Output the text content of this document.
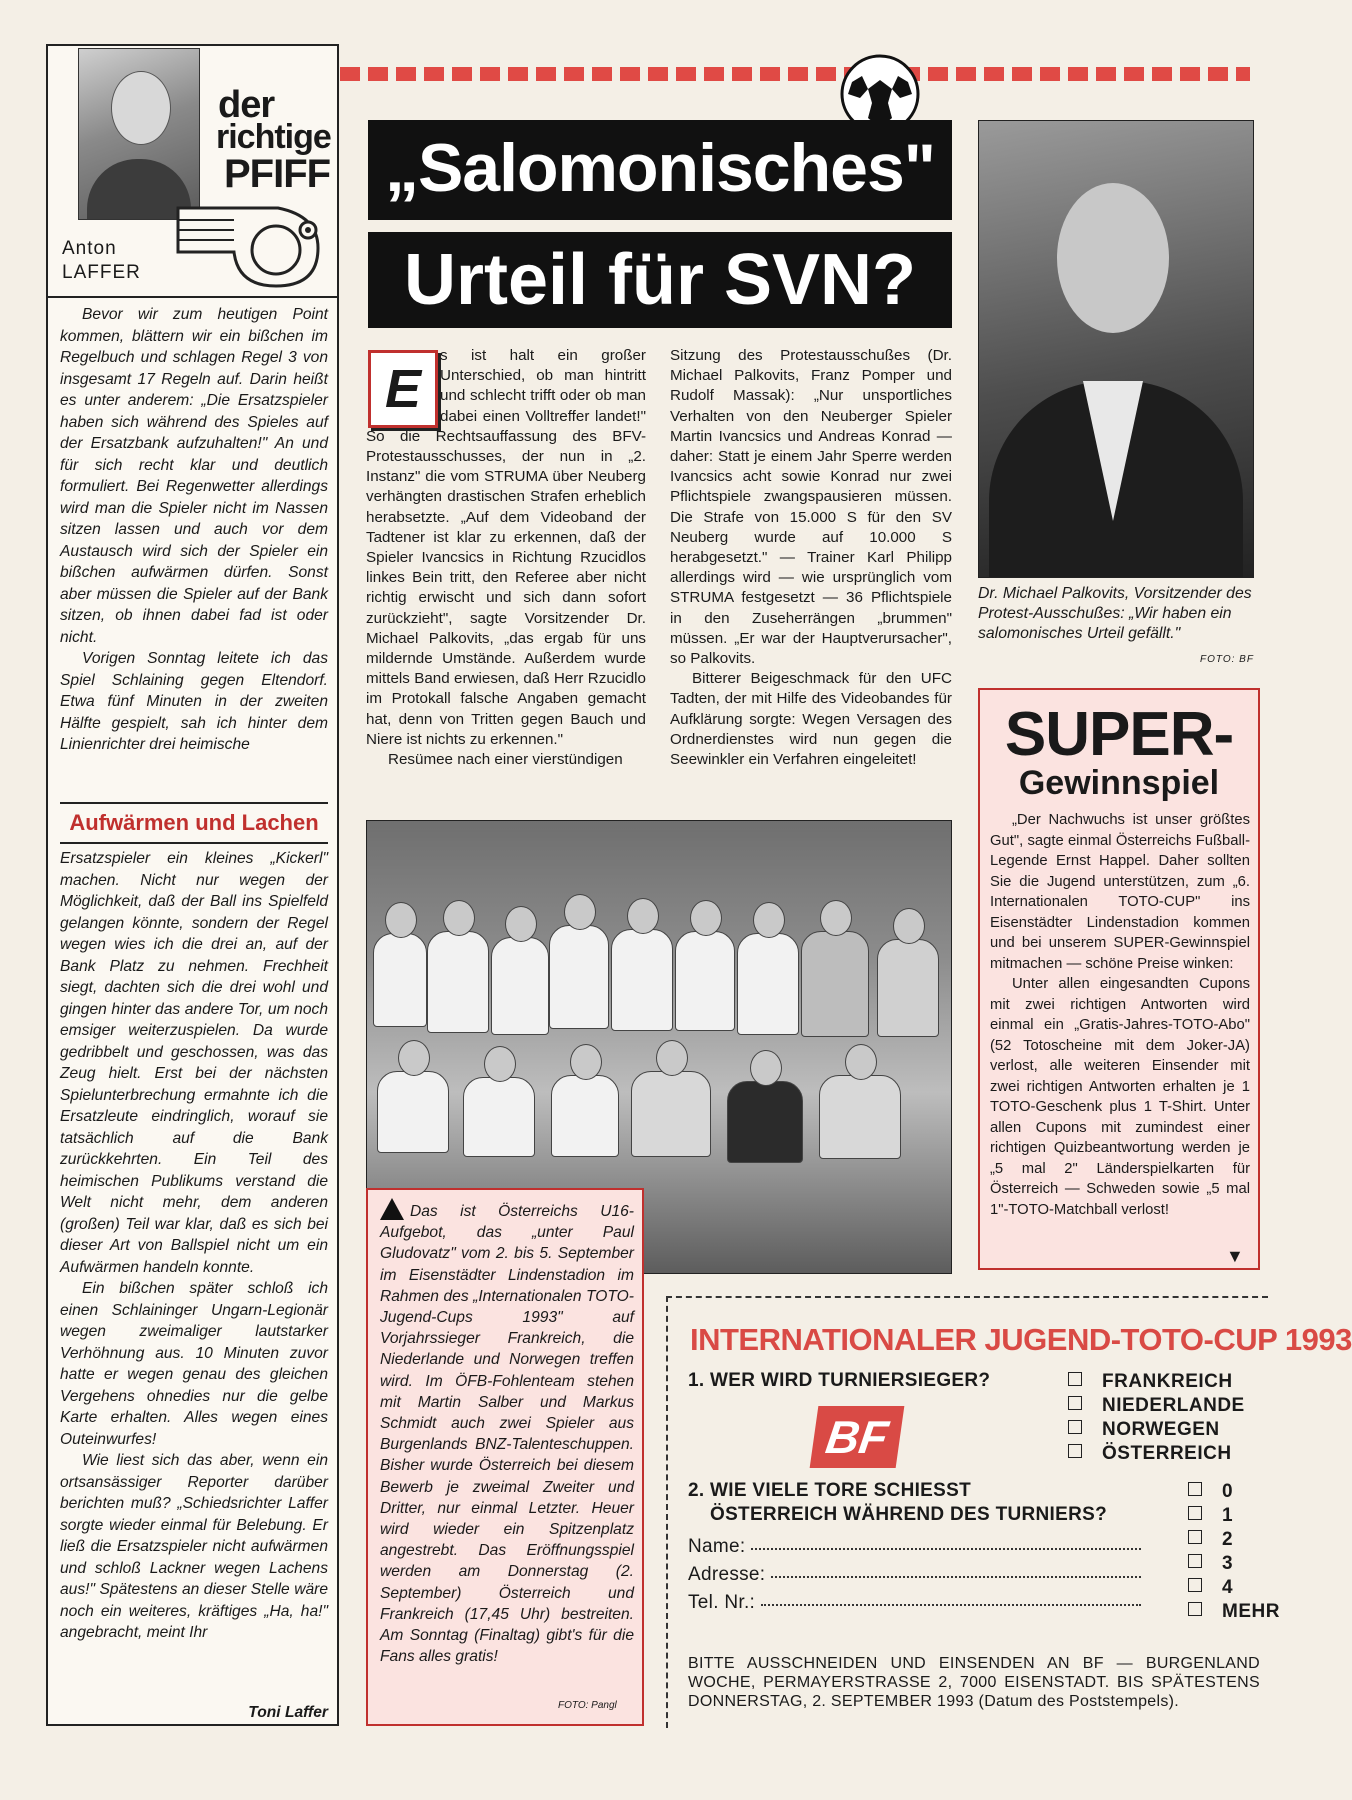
der
richtige
PFIFF
Anton
LAFFER

Bevor wir zum heutigen Point kommen, blättern wir ein bißchen im Regelbuch und schlagen Regel 3 von insgesamt 17 Regeln auf. Darin heißt es unter anderem: „Die Ersatzspieler haben sich während des Spieles auf der Ersatzbank aufzuhalten!" An und für sich recht klar und deutlich formuliert. Bei Regenwetter allerdings wird man die Spieler nicht im Nassen sitzen lassen und auch vor dem Austausch wird sich der Spieler ein bißchen aufwärmen dürfen. Sonst aber müssen die Spieler auf der Bank sitzen, ob ihnen dabei fad ist oder nicht.

Vorigen Sonntag leitete ich das Spiel Schlaining gegen Eltendorf. Etwa fünf Minuten in der zweiten Hälfte gespielt, sah ich hinter dem Linienrichter drei heimische

Aufwärmen und Lachen

Ersatzspieler ein kleines „Kickerl" machen. Nicht nur wegen der Möglichkeit, daß der Ball ins Spielfeld gelangen könnte, sondern der Regel wegen wies ich die drei an, auf der Bank Platz zu nehmen. Frechheit siegt, dachten sich die drei wohl und gingen hinter das andere Tor, um noch emsiger weiterzuspielen. Da wurde gedribbelt und geschossen, was das Zeug hielt. Erst bei der nächsten Spielunterbrechung ermahnte ich die Ersatzleute eindringlich, worauf sie tatsächlich auf die Bank zurückkehrten. Ein Teil des heimischen Publikums verstand die Welt nicht mehr, dem anderen (großen) Teil war klar, daß es sich bei dieser Art von Ballspiel nicht um ein Aufwärmen handeln konnte.

Ein bißchen später schloß ich einen Schlaininger Ungarn-Legionär wegen zweimaliger lautstarker Verhöhnung aus. 10 Minuten zuvor hatte er wegen genau des gleichen Vergehens ohnedies nur die gelbe Karte erhalten. Alles wegen eines Outeinwurfes!

Wie liest sich das aber, wenn ein ortsansässiger Reporter darüber berichten muß? „Schiedsrichter Laffer sorgte wieder einmal für Belebung. Er ließ die Ersatzspieler nicht aufwärmen und schloß Lackner wegen Lachens aus!" Spätestens an dieser Stelle wäre noch ein weiteres, kräftiges „Ha, ha!" angebracht, meint Ihr

Toni Laffer
„Salomonisches"
Urteil für SVN?

s ist halt ein großer Unterschied, ob man hintritt und schlecht trifft oder ob man dabei einen Volltreffer landet!" So die Rechtsauffassung des BFV-Protestausschusses, der nun in „2. Instanz" die vom STRUMA über Neuberg verhängten drastischen Strafen erheblich herabsetzte. „Auf dem Videoband der Tadtener ist klar zu erkennen, daß der Spieler Ivancsics in Richtung Rzucidlos linkes Bein tritt, den Referee aber nicht richtig erwischt und sich dann sofort zurückzieht", sagte Vorsitzender Dr. Michael Palkovits, „das ergab für uns mildernde Umstände. Außerdem wurde mittels Band erwiesen, daß Herr Rzucidlo im Protokall falsche Angaben gemacht hat, denn von Tritten gegen Bauch und Niere ist nichts zu erkennen."

Resümee nach einer vierstündigen

E

Sitzung des Protestausschußes (Dr. Michael Palkovits, Franz Pomper und Rudolf Massak): „Nur unsportliches Verhalten von den Neuberger Spieler Martin Ivancsics und Andreas Konrad — daher: Statt je einem Jahr Sperre werden Ivancsics acht sowie Konrad nur zwei Pflichtspiele zwangspausieren müssen. Die Strafe von 15.000 S für den SV Neuberg wurde auf 10.000 S herabgesetzt." — Trainer Karl Philipp allerdings wird — wie ursprünglich vom STRUMA festgesetzt — 36 Pflichtspiele in den Zuseherrängen „brummen" müssen. „Er war der Hauptverursacher", so Palkovits.

Bitterer Beigeschmack für den UFC Tadten, der mit Hilfe des Videobandes für Aufklärung sorgte: Wegen Versagen des Ordnerdienstes wird nun gegen die Seewinkler ein Verfahren eingeleitet!

Dr. Michael Palkovits, Vorsitzender des Protest-Ausschußes: „Wir haben ein salomonisches Urteil gefällt."
FOTO: BF
SUPER-
Gewinnspiel

„Der Nachwuchs ist unser größtes Gut", sagte einmal Österreichs Fußball-Legende Ernst Happel. Daher sollten Sie die Jugend unterstützen, zum „6. Internationalen TOTO-CUP" ins Eisenstädter Lindenstadion kommen und bei unserem SUPER-Gewinnspiel mitmachen — schöne Preise winken:

Unter allen eingesandten Cupons mit zwei richtigen Antworten wird einmal ein „Gratis-Jahres-TOTO-Abo" (52 Totoscheine mit dem Joker-JA) verlost, alle weiteren Einsender mit zwei richtigen Antworten erhalten je 1 TOTO-Geschenk plus 1 T-Shirt. Unter allen Cupons mit zumindest einer richtigen Quizbeantwortung werden je „5 mal 2" Länderspielkarten für Österreich — Schweden sowie „5 mal 1"-TOTO-Matchball verlost!

▼
Das ist Österreichs U16-Aufgebot, das „unter Paul Gludovatz" vom 2. bis 5. September im Eisenstädter Lindenstadion im Rahmen des „Internationalen TOTO-Jugend-Cups 1993" auf Vorjahrssieger Frankreich, die Niederlande und Norwegen treffen wird. Im ÖFB-Fohlenteam stehen mit Martin Salber und Markus Schmidt auch zwei Spieler aus Burgenlands BNZ-Talenteschuppen. Bisher wurde Österreich bei diesem Bewerb je zweimal Zweiter und Dritter, nur einmal Letzter. Heuer wird wieder ein Spitzenplatz angestrebt. Das Eröffnungsspiel werden am Donnerstag (2. September) Österreich und Frankreich (17,45 Uhr) bestreiten. Am Sonntag (Finaltag) gibt's für die Fans alles gratis!
FOTO: Pangl
INTERNATIONALER JUGEND-TOTO-CUP 1993
1. WER WIRD TURNIERSIEGER?
BF
FRANKREICH
NIEDERLANDE
NORWEGEN
ÖSTERREICH
2. WIE VIELE TORE SCHIESST
ÖSTERREICH WÄHREND DES TURNIERS?
0
1
2
3
4
MEHR
Name:
Adresse:
Tel. Nr.:
BITTE AUSSCHNEIDEN UND EINSENDEN AN BF — BURGENLAND WOCHE, PERMAYERSTRASSE 2, 7000 EISENSTADT. BIS SPÄTESTENS DONNERSTAG, 2. SEPTEMBER 1993 (Datum des Poststempels).
